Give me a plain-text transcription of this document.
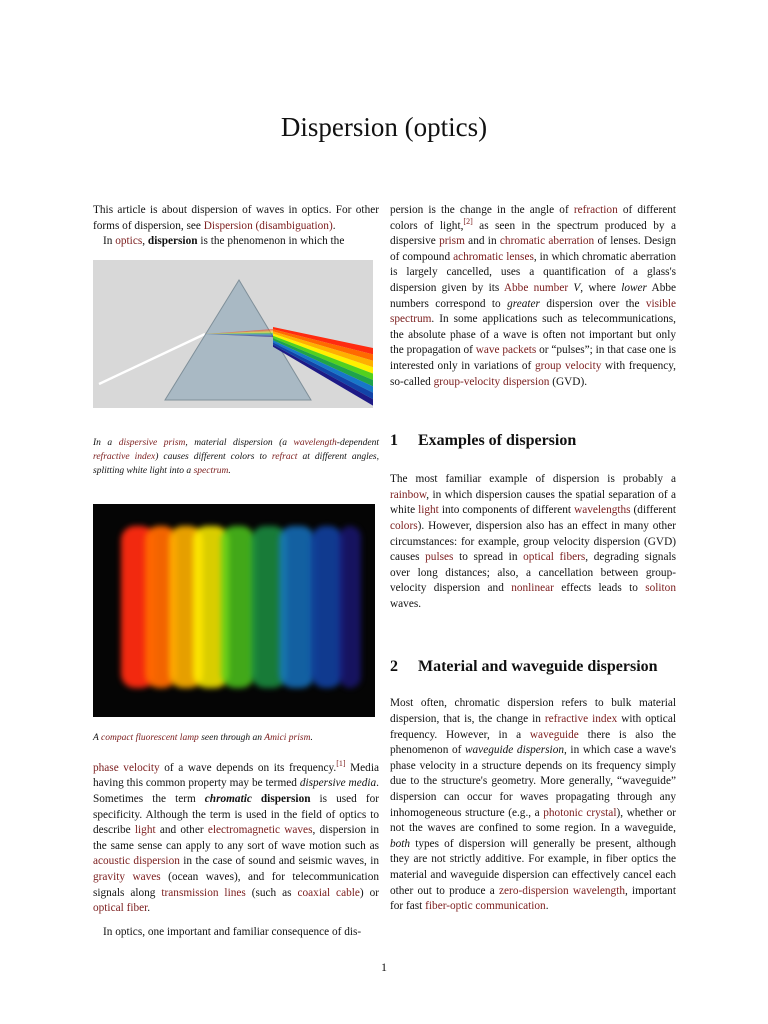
Dispersion (optics)

This article is about dispersion of waves in optics. For other forms of dispersion, see Dispersion (disambiguation).

In optics, dispersion is the phenomenon in which the

In a dispersive prism, material dispersion (a wavelength-dependent refractive index) causes different colors to refract at different angles, splitting white light into a spectrum.

A compact fluorescent lamp seen through an Amici prism.

phase velocity of a wave depends on its frequency.[1] Media having this common property may be termed dispersive media. Sometimes the term chromatic dispersion is used for specificity. Although the term is used in the field of optics to describe light and other electromagnetic waves, dispersion in the same sense can apply to any sort of wave motion such as acoustic dispersion in the case of sound and seismic waves, in gravity waves (ocean waves), and for telecommunication signals along transmission lines (such as coaxial cable) or optical fiber.

In optics, one important and familiar consequence of dis-

persion is the change in the angle of refraction of different colors of light,[2] as seen in the spectrum produced by a dispersive prism and in chromatic aberration of lenses. Design of compound achromatic lenses, in which chromatic aberration is largely cancelled, uses a quantification of a glass's dispersion given by its Abbe number V, where lower Abbe numbers correspond to greater dispersion over the visible spectrum. In some applications such as telecommunications, the absolute phase of a wave is often not important but only the propagation of wave packets or “pulses”; in that case one is interested only in variations of group velocity with frequency, so-called group-velocity dispersion (GVD).

1	Examples of dispersion

The most familiar example of dispersion is probably a rainbow, in which dispersion causes the spatial separation of a white light into components of different wavelengths (different colors). However, dispersion also has an effect in many other circumstances: for example, group velocity dispersion (GVD) causes pulses to spread in optical fibers, degrading signals over long distances; also, a cancellation between group-velocity dispersion and nonlinear effects leads to soliton waves.

2	Material and waveguide dispersion

Most often, chromatic dispersion refers to bulk material dispersion, that is, the change in refractive index with optical frequency. However, in a waveguide there is also the phenomenon of waveguide dispersion, in which case a wave's phase velocity in a structure depends on its frequency simply due to the structure's geometry. More generally, “waveguide” dispersion can occur for waves propagating through any inhomogeneous structure (e.g., a photonic crystal), whether or not the waves are confined to some region. In a waveguide, both types of dispersion will generally be present, although they are not strictly additive. For example, in fiber optics the material and waveguide dispersion can effectively cancel each other out to produce a zero-dispersion wavelength, important for fast fiber-optic communication.

1
